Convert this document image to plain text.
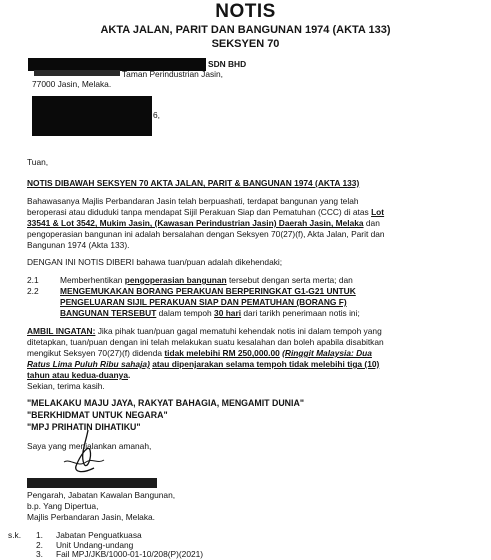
NOTIS
AKTA JALAN, PARIT DAN BANGUNAN 1974 (AKTA 133)
SEKSYEN 70
SDN BHD
Taman Perindustrian Jasin,
77000 Jasin, Melaka.
6,
Tuan,
NOTIS DIBAWAH SEKSYEN 70 AKTA JALAN, PARIT & BANGUNAN 1974 (AKTA 133)
Bahawasanya Majlis Perbandaran Jasin telah berpuashati, terdapat bangunan yang telah
beroperasi atau diduduki tanpa mendapat Sijil Perakuan Siap dan Pematuhan (CCC) di atas Lot
33541 & Lot 3542, Mukim Jasin, (Kawasan Perindustrian Jasin) Daerah Jasin, Melaka dan
pengoperasian bangunan ini adalah bersalahan dengan Seksyen 70(27)(f), Akta Jalan, Parit dan
Bangunan 1974 (Akta 133).
DENGAN INI NOTIS DIBERI bahawa tuan/puan adalah dikehendaki;
2.1	Memberhentikan pengoperasian bangunan tersebut dengan serta merta; dan
2.2	MENGEMUKAKAN BORANG PERAKUAN BERPERINGKAT G1-G21 UNTUK
PENGELUARAN SIJIL PERAKUAN SIAP DAN PEMATUHAN (BORANG F)
BANGUNAN TERSEBUT dalam tempoh 30 hari dari tarikh penerimaan notis ini;
AMBIL INGATAN: Jika pihak tuan/puan gagal mematuhi kehendak notis ini dalam tempoh yang
ditetapkan, tuan/puan dengan ini telah melakukan suatu kesalahan dan boleh apabila disabitkan
mengikut Seksyen 70(27)(f) didenda tidak melebihi RM 250,000.00 (Ringgit Malaysia: Dua
Ratus Lima Puluh Ribu sahaja) atau dipenjarakan selama tempoh tidak melebihi tiga (10)
tahun atau kedua-duanya.
Sekian, terima kasih.
"MELAKAKU MAJU JAYA, RAKYAT BAHAGIA, MENGAMIT DUNIA"
"BERKHIDMAT UNTUK NEGARA"
"MPJ PRIHATIN DIHATIKU"
Saya yang menjalankan amanah,
Pengarah, Jabatan Kawalan Bangunan,
b.p. Yang Dipertua,
Majlis Perbandaran Jasin, Melaka.
s.k. 1. Jabatan Penguatkuasa
2. Unit Undang-undang
3. Fail MPJ/JKB/1000-01-10/208(P)(2021)
